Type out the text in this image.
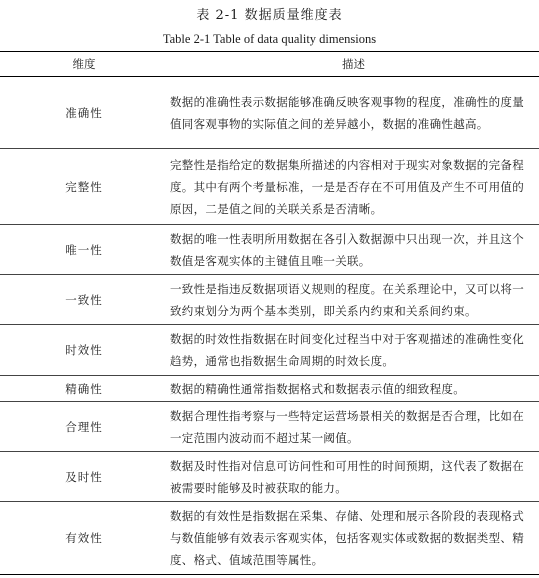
表 2-1 数据质量维度表
Table 2-1 Table of data quality dimensions
维度	描述
准确性	数据的准确性表示数据能够准确反映客观事物的程度，准确性的度量值同客观事物的实际值之间的差异越小，数据的准确性越高。
完整性	完整性是指给定的数据集所描述的内容相对于现实对象数据的完备程度。其中有两个考量标准，一是是否存在不可用值及产生不可用值的原因，二是值之间的关联关系是否清晰。
唯一性	数据的唯一性表明所用数据在各引入数据源中只出现一次，并且这个数值是客观实体的主键值且唯一关联。
一致性	一致性是指违反数据项语义规则的程度。在关系理论中，又可以将一致约束划分为两个基本类别，即关系内约束和关系间约束。
时效性	数据的时效性指数据在时间变化过程当中对于客观描述的准确性变化趋势，通常也指数据生命周期的时效长度。
精确性	数据的精确性通常指数据格式和数据表示值的细致程度。
合理性	数据合理性指考察与一些特定运营场景相关的数据是否合理，比如在一定范围内波动而不超过某一阈值。
及时性	数据及时性指对信息可访问性和可用性的时间预期，这代表了数据在被需要时能够及时被获取的能力。
有效性	数据的有效性是指数据在采集、存储、处理和展示各阶段的表现格式与数值能够有效表示客观实体，包括客观实体或数据的数据类型、精度、格式、值域范围等属性。
